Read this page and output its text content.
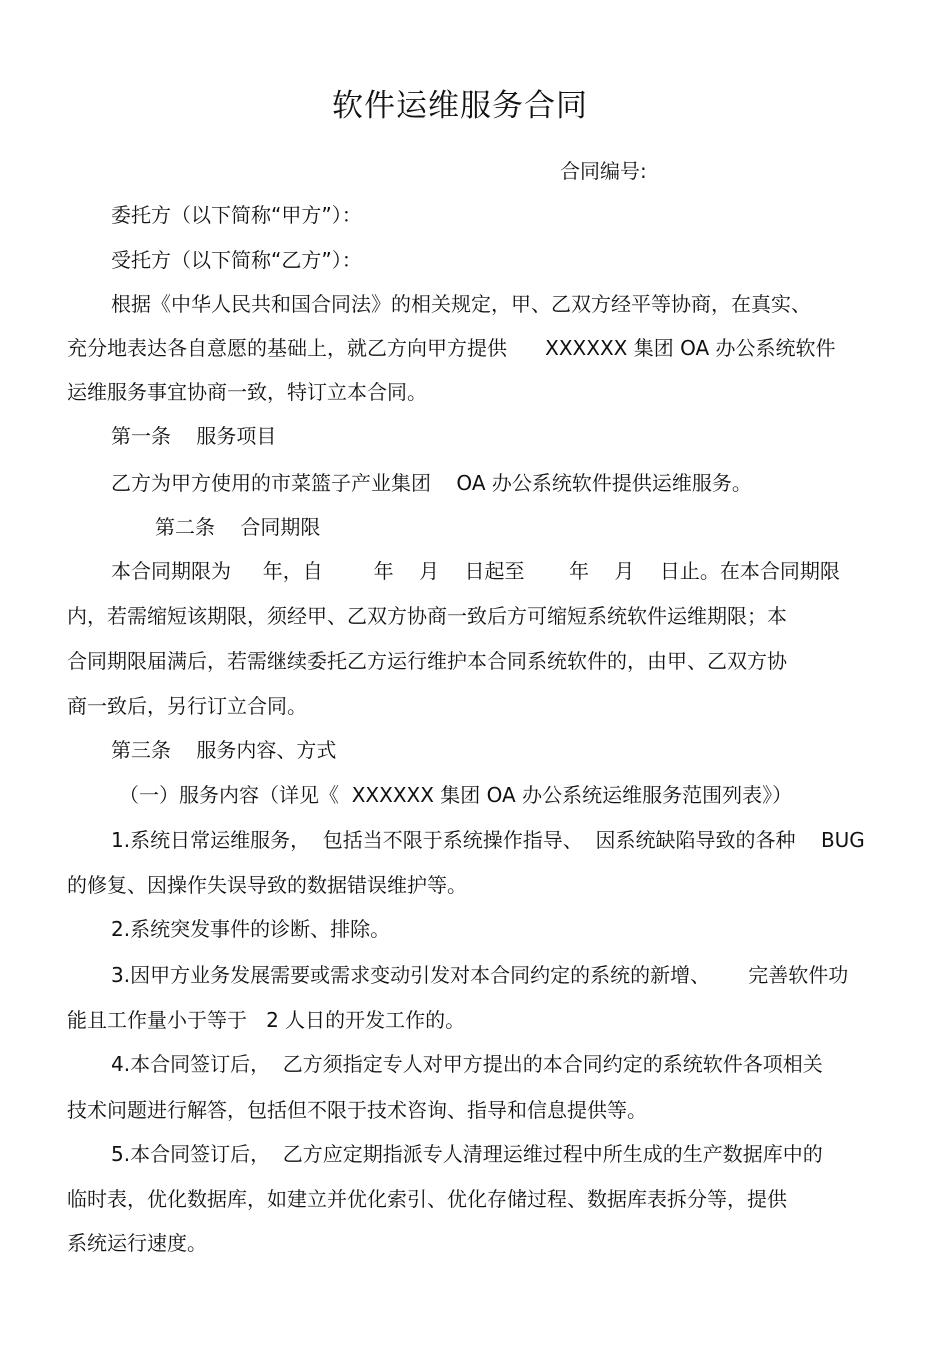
软件运维服务合同
合同编号:
委托方（以下简称“甲方”）：
受托方（以下简称“乙方”）：
根据《中华人民共和国合同法》的相关规定，甲、乙双方经平等协商，在真实、
充分地表达各自意愿的基础上，就乙方向甲方提供      XXXXXX 集团 OA 办公系统软件
运维服务事宜协商一致，特订立本合同。
第一条    服务项目
乙方为甲方使用的市菜篮子产业集团    OA 办公系统软件提供运维服务。
第二条    合同期限
本合同期限为     年，自        年    月    日起至       年    月    日止。在本合同期限
内，若需缩短该期限，须经甲、乙双方协商一致后方可缩短系统软件运维期限；本
合同期限届满后，若需继续委托乙方运行维护本合同系统软件的，由甲、乙双方协
商一致后，另行订立合同。
第三条    服务内容、方式
（一）服务内容（详见《  XXXXXX 集团 OA 办公系统运维服务范围列表》）
1.系统日常运维服务，  包括当不限于系统操作指导、  因系统缺陷导致的各种    BUG
的修复、因操作失误导致的数据错误维护等。
2.系统突发事件的诊断、排除。
3.因甲方业务发展需要或需求变动引发对本合同约定的系统的新增、      完善软件功
能且工作量小于等于   2 人日的开发工作的。
4.本合同签订后，  乙方须指定专人对甲方提出的本合同约定的系统软件各项相关
技术问题进行解答，包括但不限于技术咨询、指导和信息提供等。
5.本合同签订后，  乙方应定期指派专人清理运维过程中所生成的生产数据库中的
临时表，优化数据库，如建立并优化索引、优化存储过程、数据库表拆分等，提供
系统运行速度。
